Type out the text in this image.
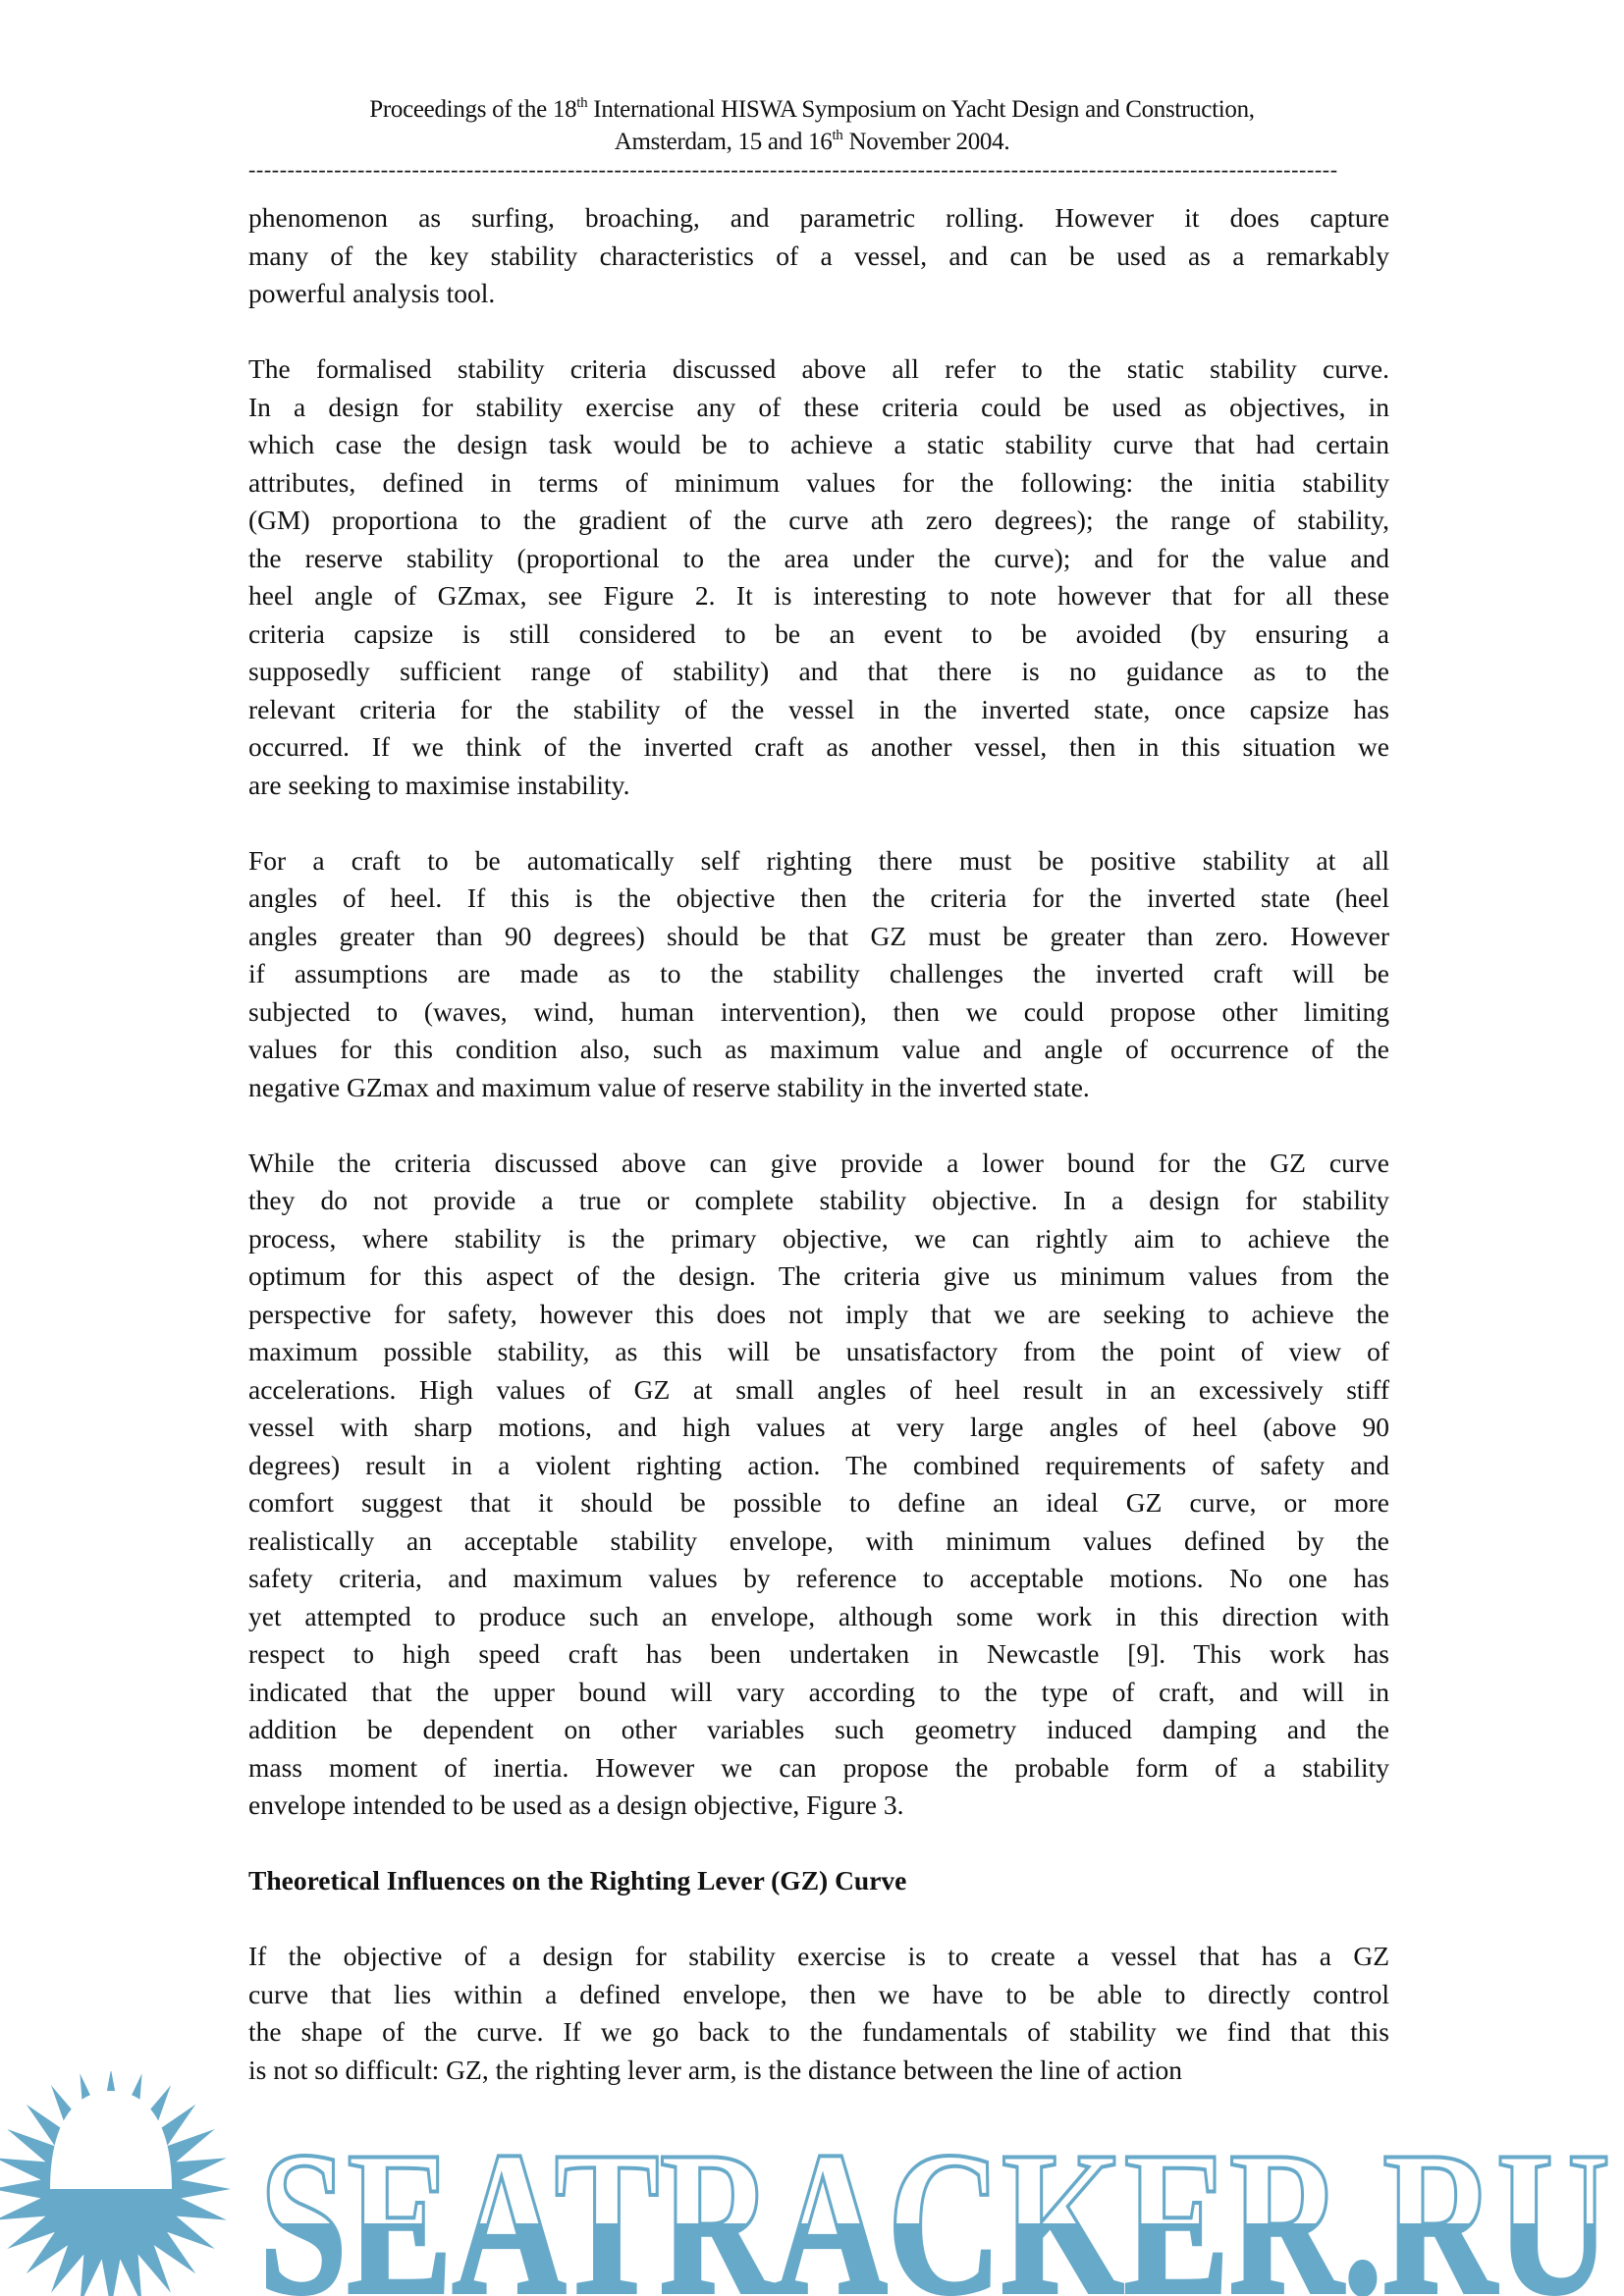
Proceedings of the 18th International HISWA Symposium on Yacht Design and Construction,
Amsterdam, 15 and 16th November 2004.
--------------------------------------------------------------------------------------------------------------------------------------------
phenomenon as surfing, broaching, and parametric rolling. However it does capture
many of the key stability characteristics of a vessel, and can be used as a remarkably
powerful analysis tool.
The formalised stability criteria discussed above all refer to the static stability curve.
In a design for stability exercise any of these criteria could be used as objectives, in
which case the design task would be to achieve a static stability curve that had certain
attributes, defined in terms of minimum values for the following: the initia stability
(GM) proportiona to the gradient of the curve ath zero degrees); the range of stability,
the reserve stability (proportional to the area under the curve); and for the value and
heel angle of GZmax, see Figure 2. It is interesting to note however that for all these
criteria capsize is still considered to be an event to be avoided (by ensuring a
supposedly sufficient range of stability) and that there is no guidance as to the
relevant criteria for the stability of the vessel in the inverted state, once capsize has
occurred. If we think of the inverted craft as another vessel, then in this situation we
are seeking to maximise instability.
For a craft to be automatically self righting there must be positive stability at all
angles of heel. If this is the objective then the criteria for the inverted state (heel
angles greater than 90 degrees) should be that GZ must be greater than zero. However
if assumptions are made as to the stability challenges the inverted craft will be
subjected to (waves, wind, human intervention), then we could propose other limiting
values for this condition also, such as maximum value and angle of occurrence of the
negative GZmax and maximum value of reserve stability in the inverted state.
While the criteria discussed above can give provide a lower bound for the GZ curve
they do not provide a true or complete stability objective. In a design for stability
process, where stability is the primary objective, we can rightly aim to achieve the
optimum for this aspect of the design. The criteria give us minimum values from the
perspective for safety, however this does not imply that we are seeking to achieve the
maximum possible stability, as this will be unsatisfactory from the point of view of
accelerations. High values of GZ at small angles of heel result in an excessively stiff
vessel with sharp motions, and high values at very large angles of heel (above 90
degrees) result in a violent righting action. The combined requirements of safety and
comfort suggest that it should be possible to define an ideal GZ curve, or more
realistically an acceptable stability envelope, with minimum values defined by the
safety criteria, and maximum values by reference to acceptable motions. No one has
yet attempted to produce such an envelope, although some work in this direction with
respect to high speed craft has been undertaken in Newcastle [9]. This work has
indicated that the upper bound will vary according to the type of craft, and will in
addition be dependent on other variables such geometry induced damping and the
mass moment of inertia. However we can propose the probable form of a stability
envelope intended to be used as a design objective, Figure 3.
Theoretical Influences on the Righting Lever (GZ) Curve
If the objective of a design for stability exercise is to create a vessel that has a GZ
curve that lies within a defined envelope, then we have to be able to directly control
the shape of the curve. If we go back to the fundamentals of stability we find that this
is not so difficult: GZ, the righting lever arm, is the distance between the line of action
SEATRACKER.RU
